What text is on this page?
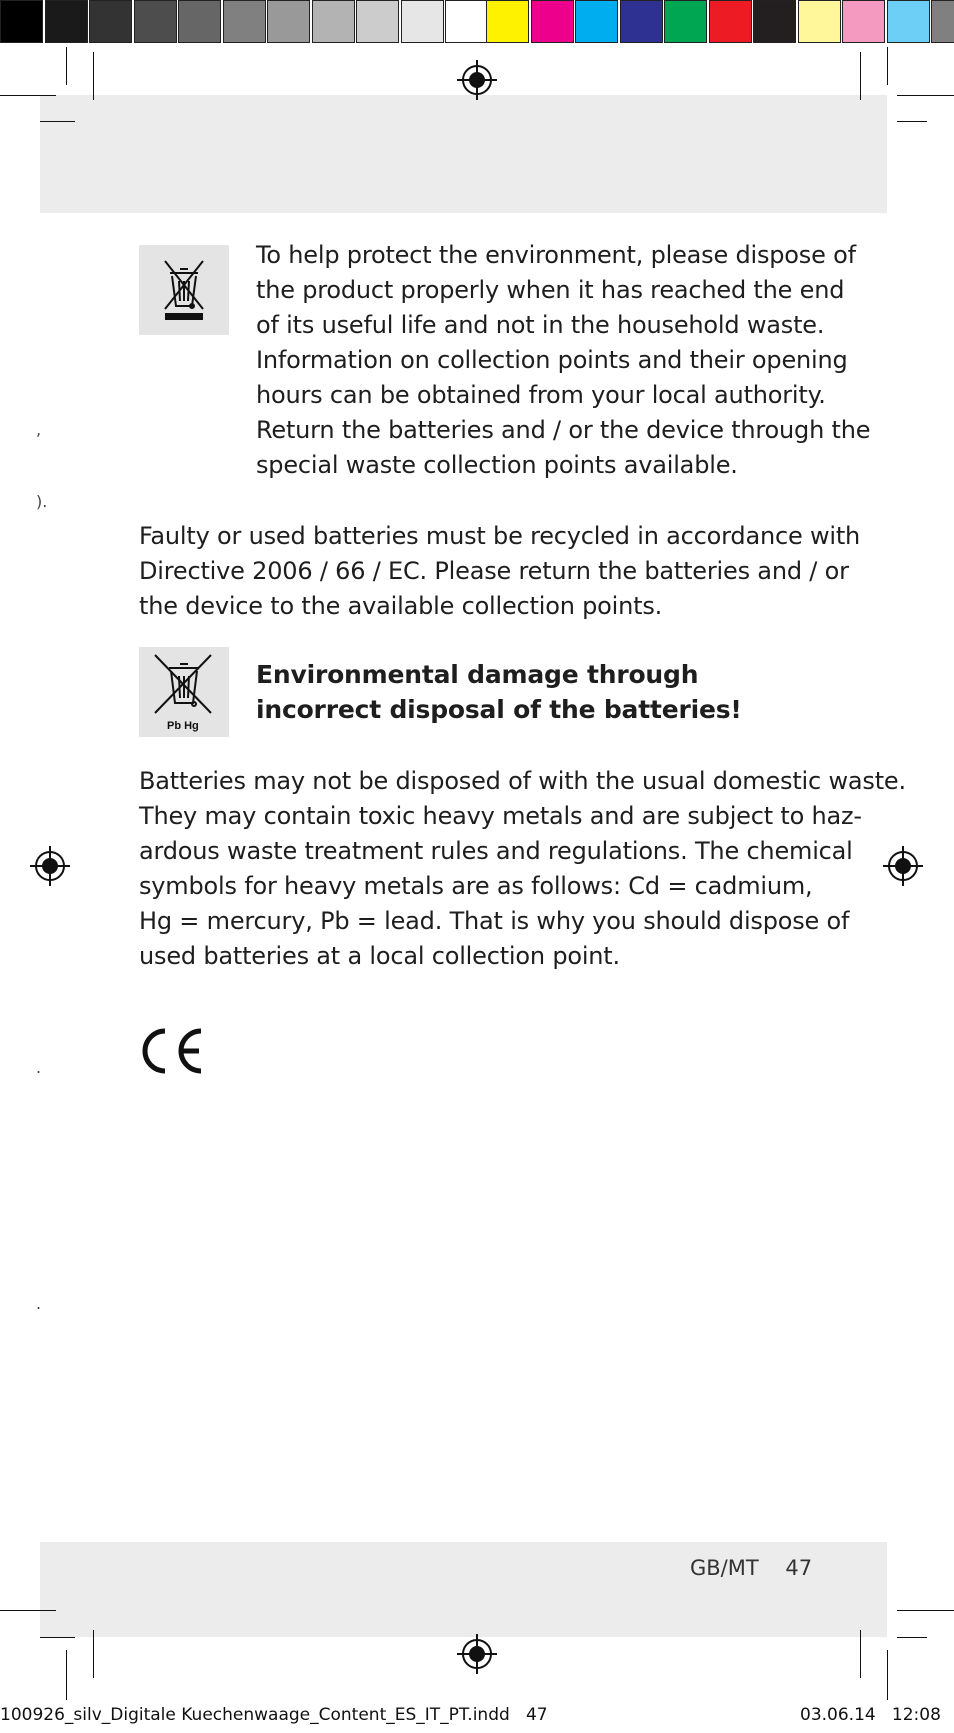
,
).
.
.
To help protect the environment, please dispose of
the product properly when it has reached the end
of its useful life and not in the household waste.
Information on collection points and their opening
hours can be obtained from your local authority.
Return the batteries and / or the device through the
special waste collection points available.
Faulty or used batteries must be recycled in accordance with
Directive 2006 / 66 / EC. Please return the batteries and / or
the device to the available collection points.
Pb Hg
Environmental damage through
incorrect disposal of the batteries!
Batteries may not be disposed of with the usual domestic waste.
They may contain toxic heavy metals and are subject to haz-
ardous waste treatment rules and regulations. The chemical
symbols for heavy metals are as follows: Cd = cadmium,
Hg = mercury, Pb = lead. That is why you should dispose of
used batteries at a local collection point.
GB/MT    47
100926_silv_Digitale Kuechenwaage_Content_ES_IT_PT.indd   47	03.06.14   12:08
